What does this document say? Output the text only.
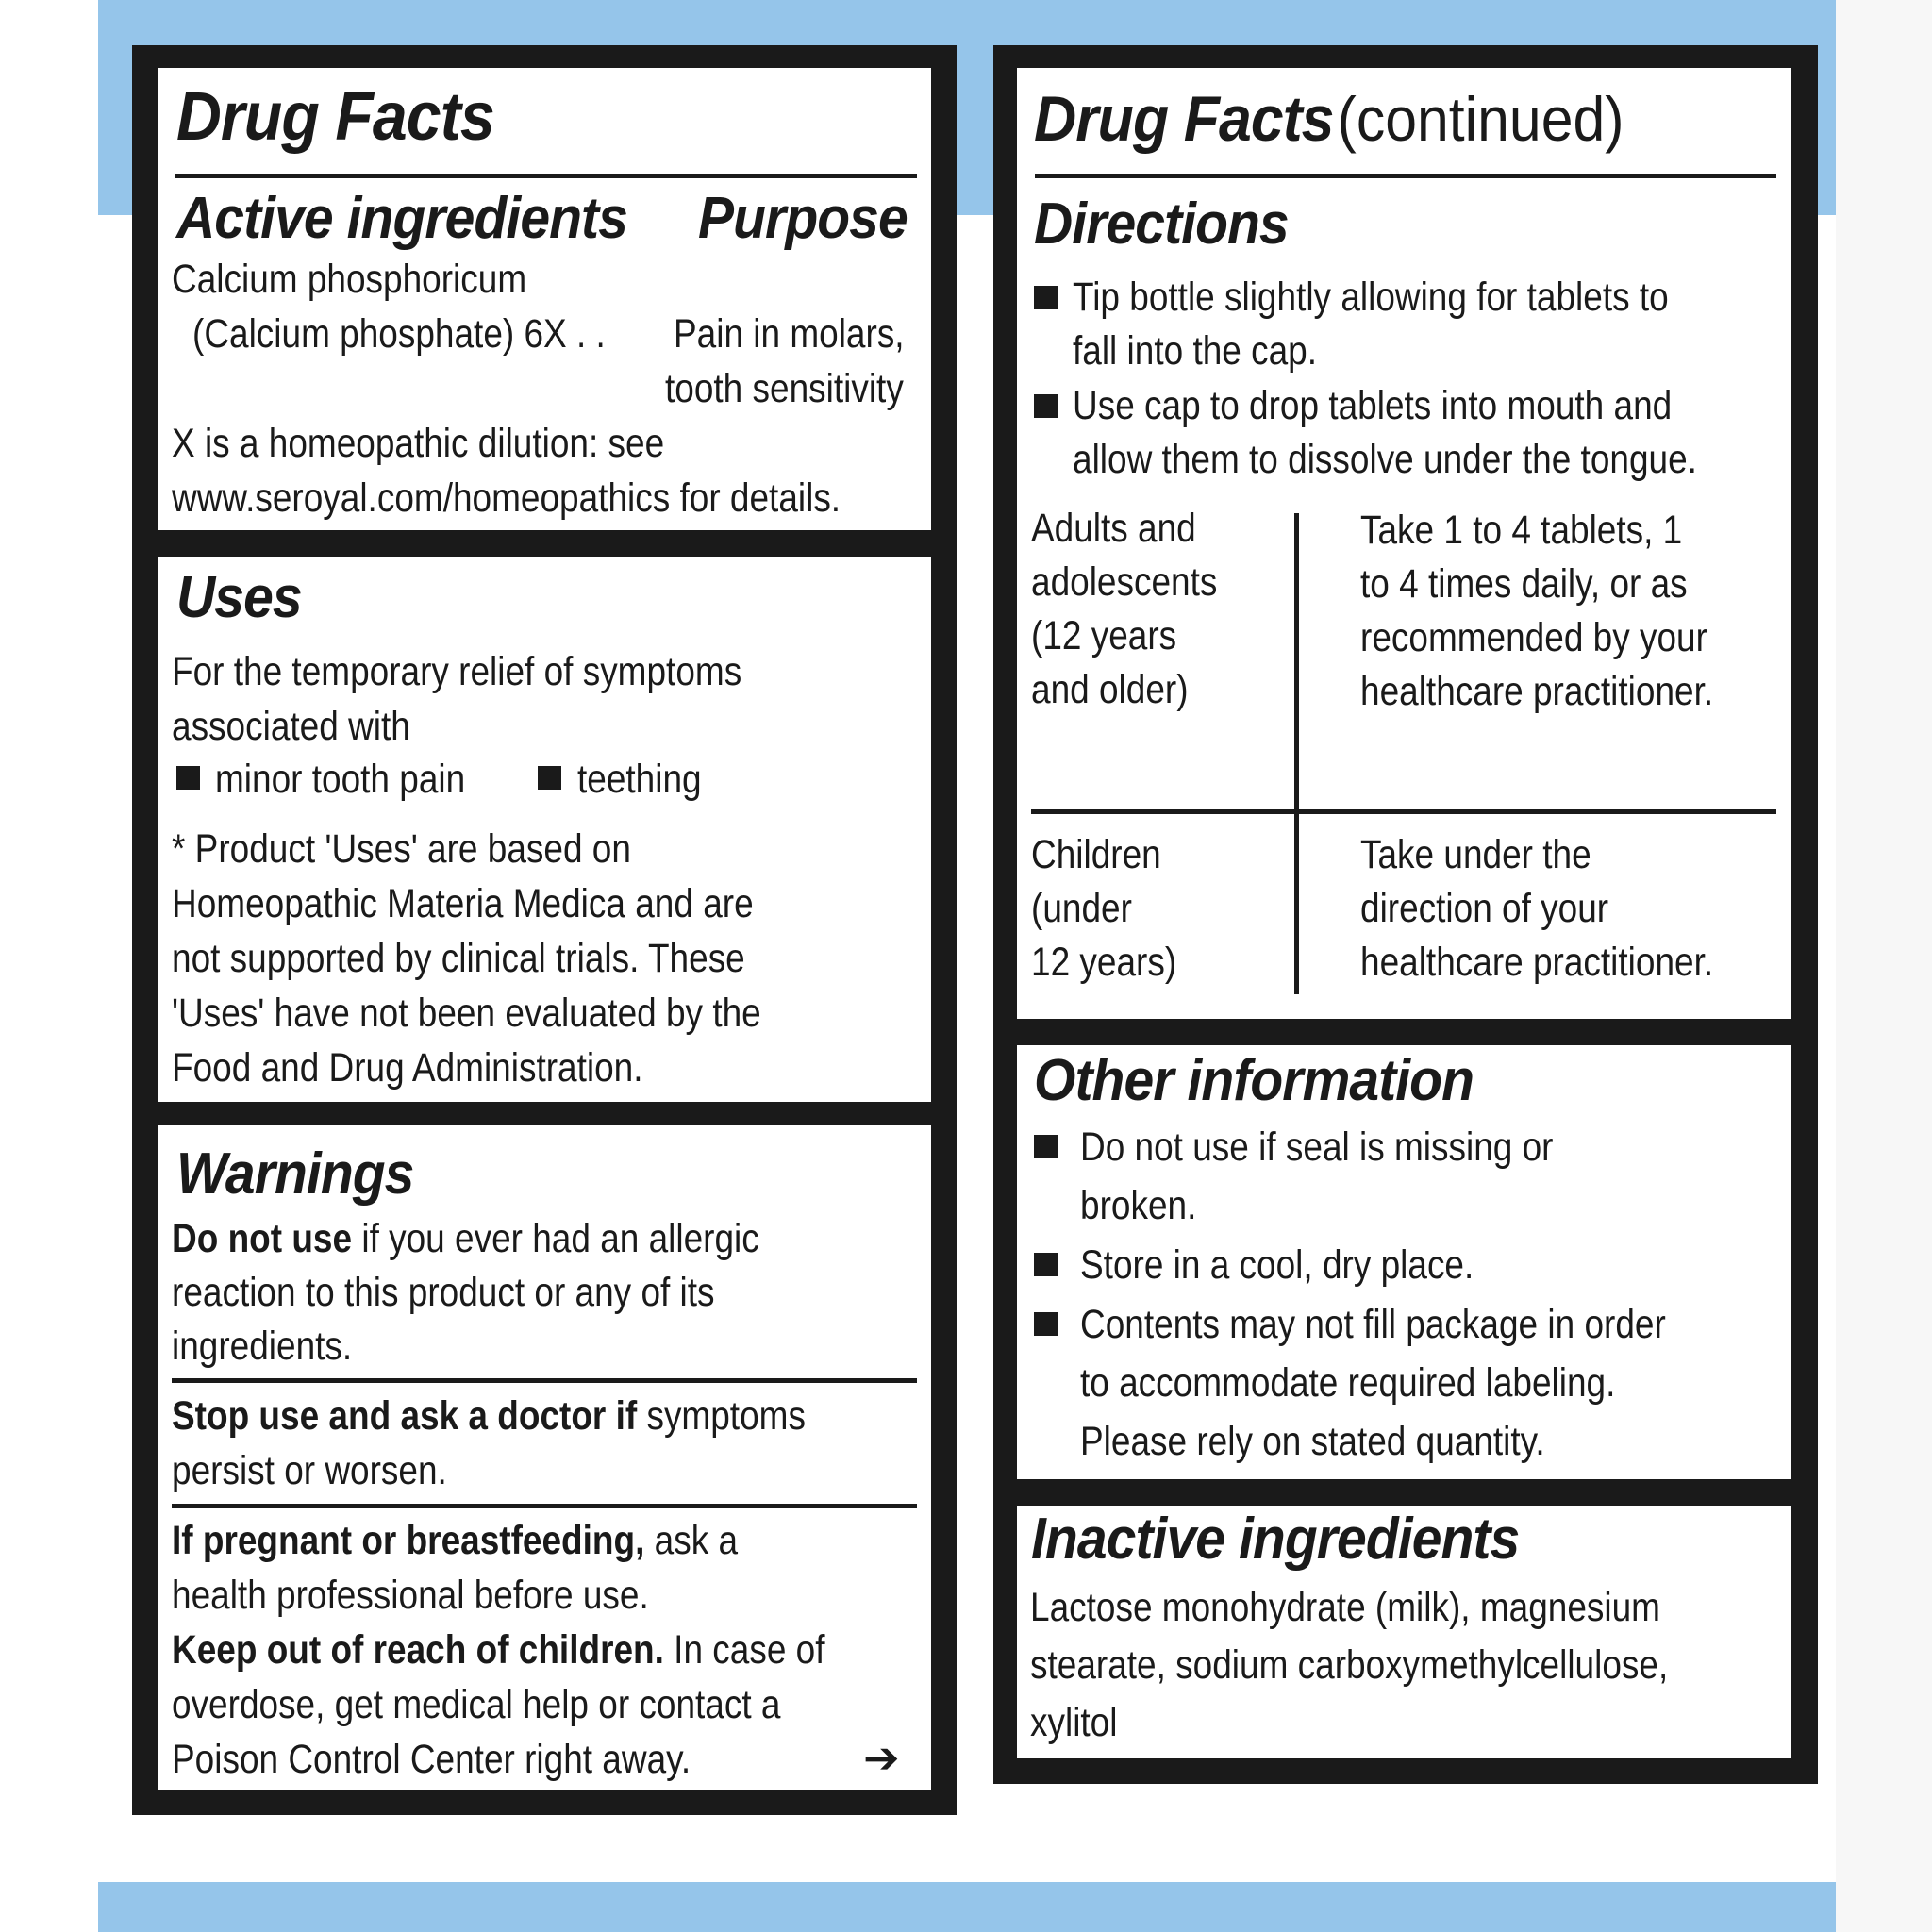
Drug Facts
Active ingredients Purpose
Calcium phosphoricum
(Calcium phosphate) 6X . . Pain in molars,
tooth sensitivity
X is a homeopathic dilution: see
www.seroyal.com/homeopathics for details.
Uses
For the temporary relief of symptoms
associated with
minor tooth pain	teething
* Product 'Uses' are based on
Homeopathic Materia Medica and are
not supported by clinical trials. These
'Uses' have not been evaluated by the
Food and Drug Administration.
Warnings
Do not use if you ever had an allergic
reaction to this product or any of its
ingredients.
Stop use and ask a doctor if symptoms
persist or worsen.
If pregnant or breastfeeding, ask a
health professional before use.
Keep out of reach of children. In case of
overdose, get medical help or contact a
Poison Control Center right away.	➔
Drug Facts (continued)
Directions
Tip bottle slightly allowing for tablets to
fall into the cap.
Use cap to drop tablets into mouth and
allow them to dissolve under the tongue.
Adults and
adolescents
(12 years
and older)
Take 1 to 4 tablets, 1
to 4 times daily, or as
recommended by your
healthcare practitioner.
Children
(under
12 years)
Take under the
direction of your
healthcare practitioner.
Other information
Do not use if seal is missing or
broken.
Store in a cool, dry place.
Contents may not fill package in order
to accommodate required labeling.
Please rely on stated quantity.
Inactive ingredients
Lactose monohydrate (milk), magnesium
stearate, sodium carboxymethylcellulose,
xylitol
